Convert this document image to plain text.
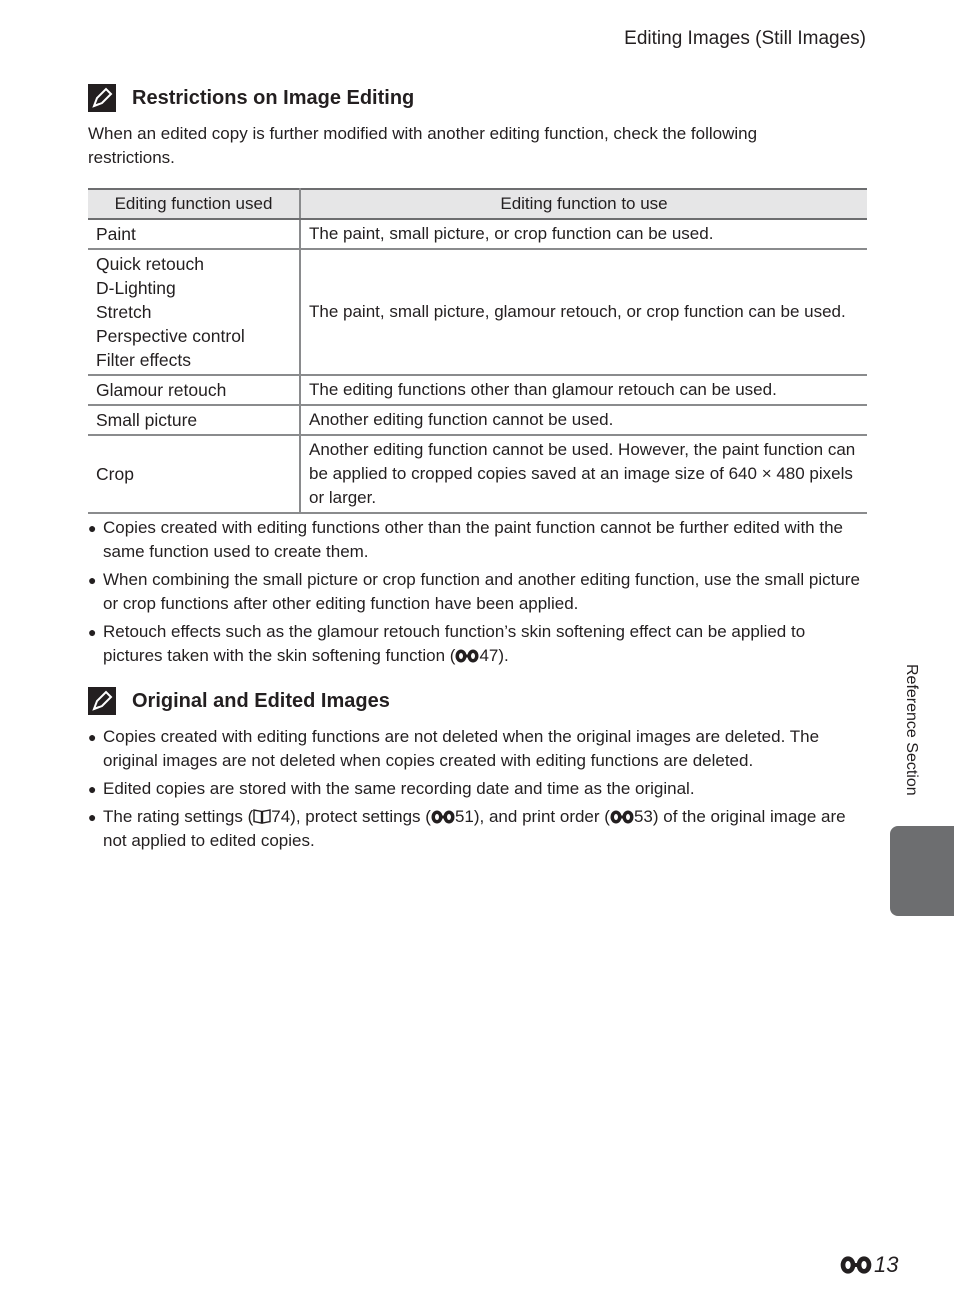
Editing Images (Still Images)
Restrictions on Image Editing
When an edited copy is further modified with another editing function, check the following restrictions.
Editing function used	Editing function to use

Paint	The paint, small picture, or crop function can be used.

Quick retouch
D-Lighting
Stretch
Perspective control
Filter effects	The paint, small picture, glamour retouch, or crop function can be used.

Glamour retouch	The editing functions other than glamour retouch can be used.

Small picture	Another editing function cannot be used.

Crop	Another editing function cannot be used. However, the paint function can be applied to cropped copies saved at an image size of 640 × 480 pixels or larger.
● Copies created with editing functions other than the paint function cannot be further edited with the same function used to create them.
● When combining the small picture or crop function and another editing function, use the small picture or crop functions after other editing function have been applied.
● Retouch effects such as the glamour retouch function’s skin softening effect can be applied to pictures taken with the skin softening function ( 47).
Original and Edited Images
● Copies created with editing functions are not deleted when the original images are deleted. The original images are not deleted when copies created with editing functions are deleted.
● Edited copies are stored with the same recording date and time as the original.
● The rating settings ( 74), protect settings ( 51), and print order ( 53) of the original image are not applied to edited copies.
Reference Section
13
